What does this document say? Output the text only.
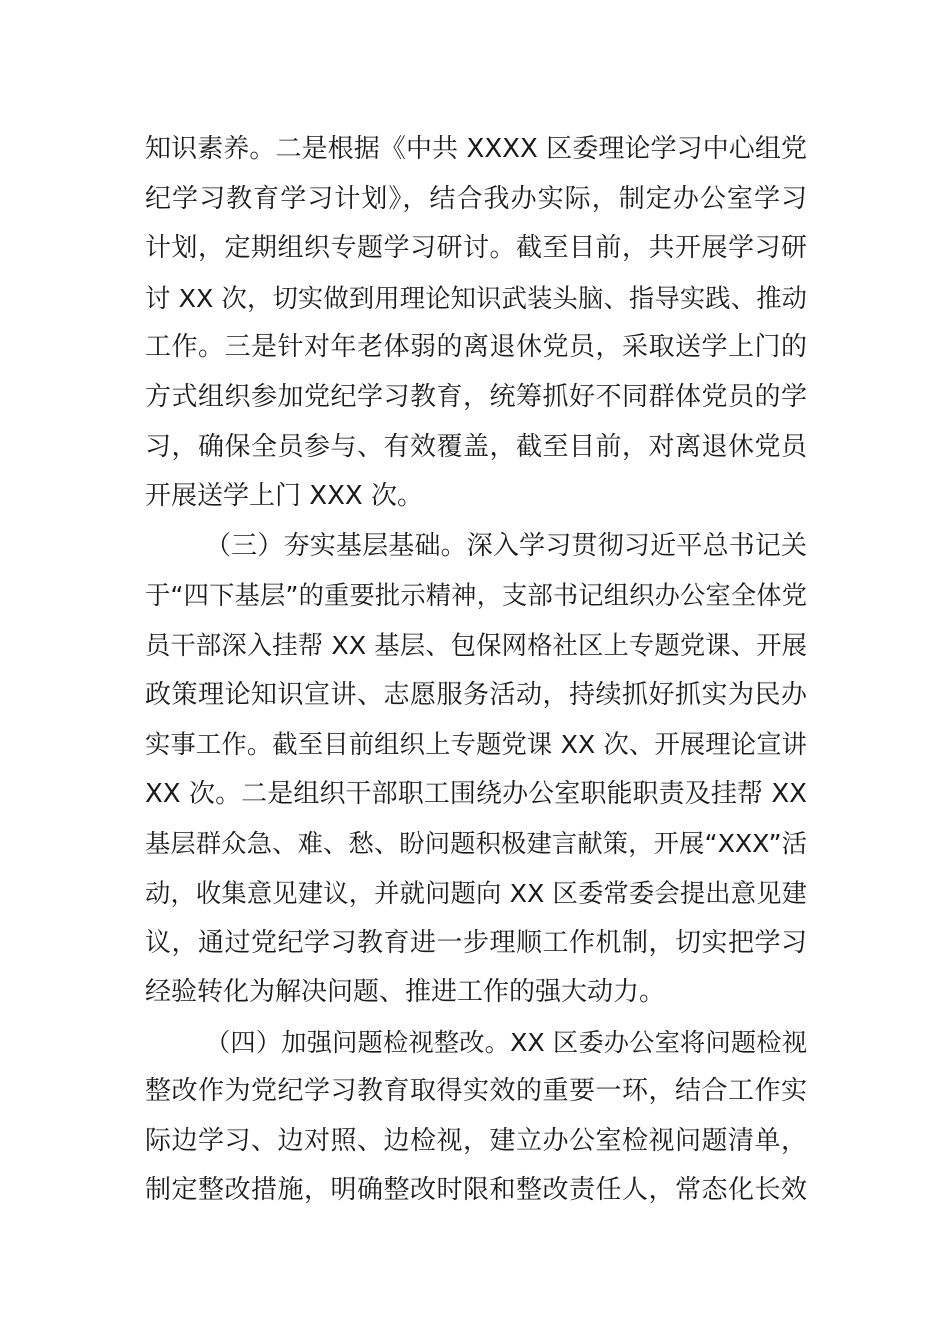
知识素养。二是根据《中共 XXXX 区委理论学习中心组党
纪学习教育学习计划》，结合我办实际，制定办公室学习
计划，定期组织专题学习研讨。截至目前，共开展学习研
讨 XX 次，切实做到用理论知识武装头脑、指导实践、推动
工作。三是针对年老体弱的离退休党员，采取送学上门的
方式组织参加党纪学习教育，统筹抓好不同群体党员的学
习，确保全员参与、有效覆盖，截至目前，对离退休党员
开展送学上门 XXX 次。
（三）夯实基层基础。深入学习贯彻习近平总书记关
于“四下基层”的重要批示精神，支部书记组织办公室全体党
员干部深入挂帮 XX 基层、包保网格社区上专题党课、开展
政策理论知识宣讲、志愿服务活动，持续抓好抓实为民办
实事工作。截至目前组织上专题党课 XX 次、开展理论宣讲
XX 次。二是组织干部职工围绕办公室职能职责及挂帮 XX
基层群众急、难、愁、盼问题积极建言献策，开展“XXX”活
动，收集意见建议，并就问题向 XX 区委常委会提出意见建
议，通过党纪学习教育进一步理顺工作机制，切实把学习
经验转化为解决问题、推进工作的强大动力。
（四）加强问题检视整改。XX 区委办公室将问题检视
整改作为党纪学习教育取得实效的重要一环，结合工作实
际边学习、边对照、边检视，建立办公室检视问题清单，
制定整改措施，明确整改时限和整改责任人，常态化长效
